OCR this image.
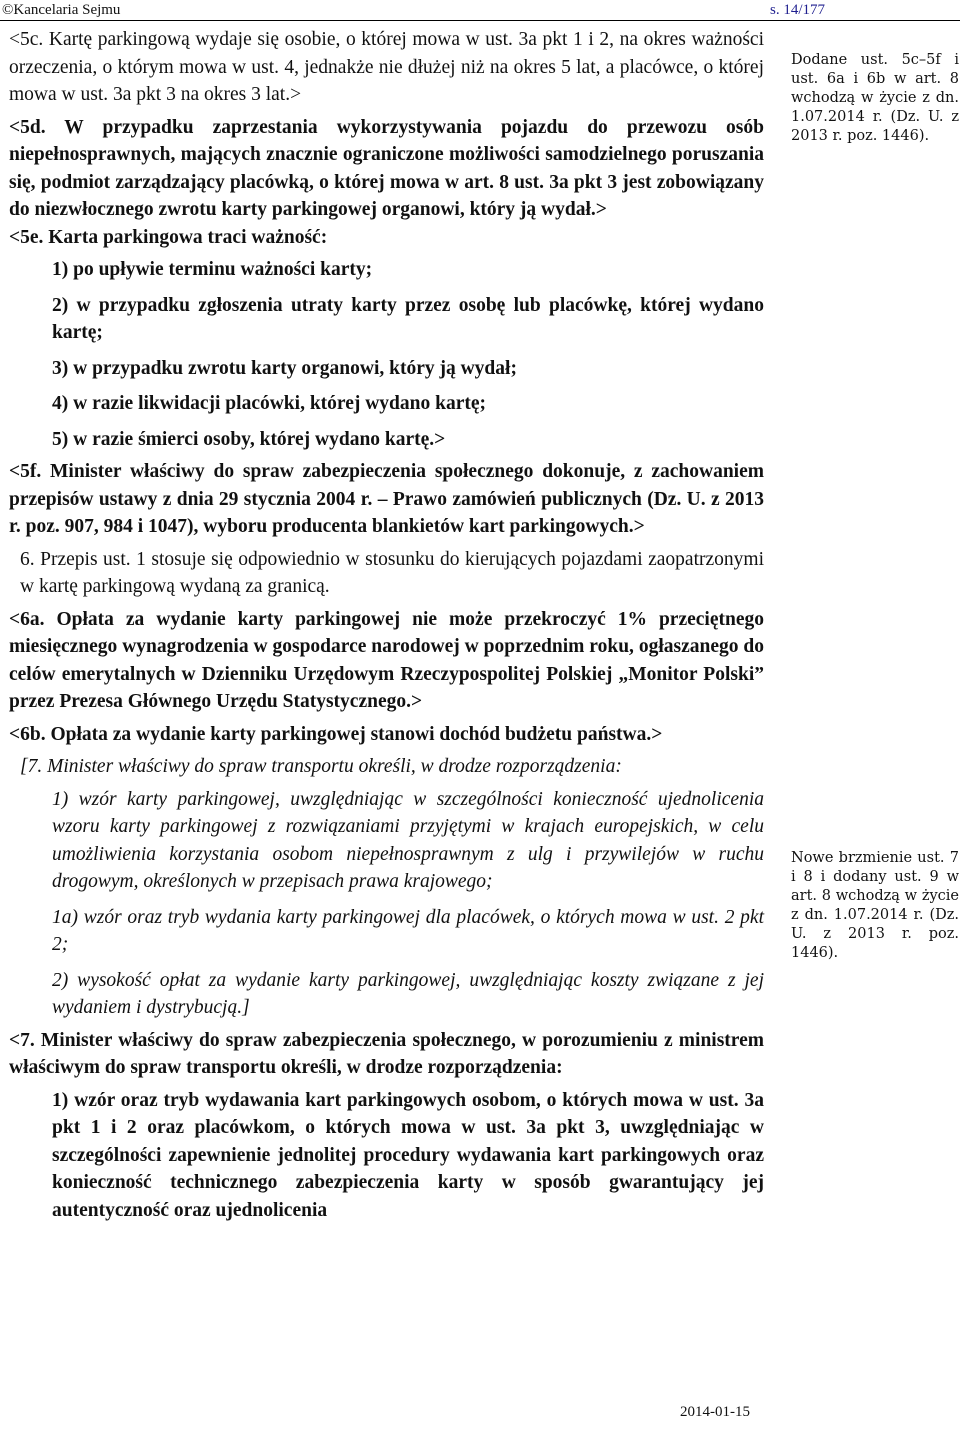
©Kancelaria Sejmu	s. 14/177

<5c. Kartę parkingową wydaje się osobie, o której mowa w ust. 3a pkt 1 i 2, na okres ważności orzeczenia, o którym mowa w ust. 4, jednakże nie dłużej niż na okres 5 lat, a placówce, o której mowa w ust. 3a pkt 3 na okres 3 lat.>

<5d. W przypadku zaprzestania wykorzystywania pojazdu do przewozu osób niepełnosprawnych, mających znacznie ograniczone możliwości samodzielnego poruszania się, podmiot zarządzający placówką, o której mowa w art. 8 ust. 3a pkt 3 jest zobowiązany do niezwłocznego zwrotu karty parkingowej organowi, który ją wydał.>

<5e. Karta parkingowa traci ważność:

1) po upływie terminu ważności karty;

2) w przypadku zgłoszenia utraty karty przez osobę lub placówkę, której wydano kartę;

3) w przypadku zwrotu karty organowi, który ją wydał;

4) w razie likwidacji placówki, której wydano kartę;

5) w razie śmierci osoby, której wydano kartę.>

<5f. Minister właściwy do spraw zabezpieczenia społecznego dokonuje, z zachowaniem przepisów ustawy z dnia 29 stycznia 2004 r. – Prawo zamówień publicznych (Dz. U. z 2013 r. poz. 907, 984 i 1047), wyboru producenta blankietów kart parkingowych.>

6. Przepis ust. 1 stosuje się odpowiednio w stosunku do kierujących pojazdami zaopatrzonymi w kartę parkingową wydaną za granicą.

<6a. Opłata za wydanie karty parkingowej nie może przekroczyć 1% przeciętnego miesięcznego wynagrodzenia w gospodarce narodowej w poprzednim roku, ogłaszanego do celów emerytalnych w Dzienniku Urzędowym Rzeczypospolitej Polskiej „Monitor Polski” przez Prezesa Głównego Urzędu Statystycznego.>

<6b. Opłata za wydanie karty parkingowej stanowi dochód budżetu państwa.>

[7. Minister właściwy do spraw transportu określi, w drodze rozporządzenia:

1) wzór karty parkingowej, uwzględniając w szczególności konieczność ujednolicenia wzoru karty parkingowej z rozwiązaniami przyjętymi w krajach europejskich, w celu umożliwienia korzystania osobom niepełnosprawnym z ulg i przywilejów w ruchu drogowym, określonych w przepisach prawa krajowego;

1a) wzór oraz tryb wydania karty parkingowej dla placówek, o których mowa w ust. 2 pkt 2;

2) wysokość opłat za wydanie karty parkingowej, uwzględniając koszty związane z jej wydaniem i dystrybucją.]

<7. Minister właściwy do spraw zabezpieczenia społecznego, w porozumieniu z ministrem właściwym do spraw transportu określi, w drodze rozporządzenia:

1) wzór oraz tryb wydawania kart parkingowych osobom, o których mowa w ust. 3a pkt 1 i 2 oraz placówkom, o których mowa w ust. 3a pkt 3, uwzględniając w szczególności zapewnienie jednolitej procedury wydawania kart parkingowych oraz konieczność technicznego zabezpieczenia karty w sposób gwarantujący jej autentyczność oraz ujednolicenia

Dodane ust. 5c–5f i ust. 6a i 6b w art. 8 wchodzą w życie z dn. 1.07.2014 r. (Dz. U. z 2013 r. poz. 1446).
Nowe brzmienie ust. 7 i 8 i dodany ust. 9 w art. 8 wchodzą w życie z dn. 1.07.2014 r. (Dz. U. z 2013 r. poz. 1446).
2014-01-15
